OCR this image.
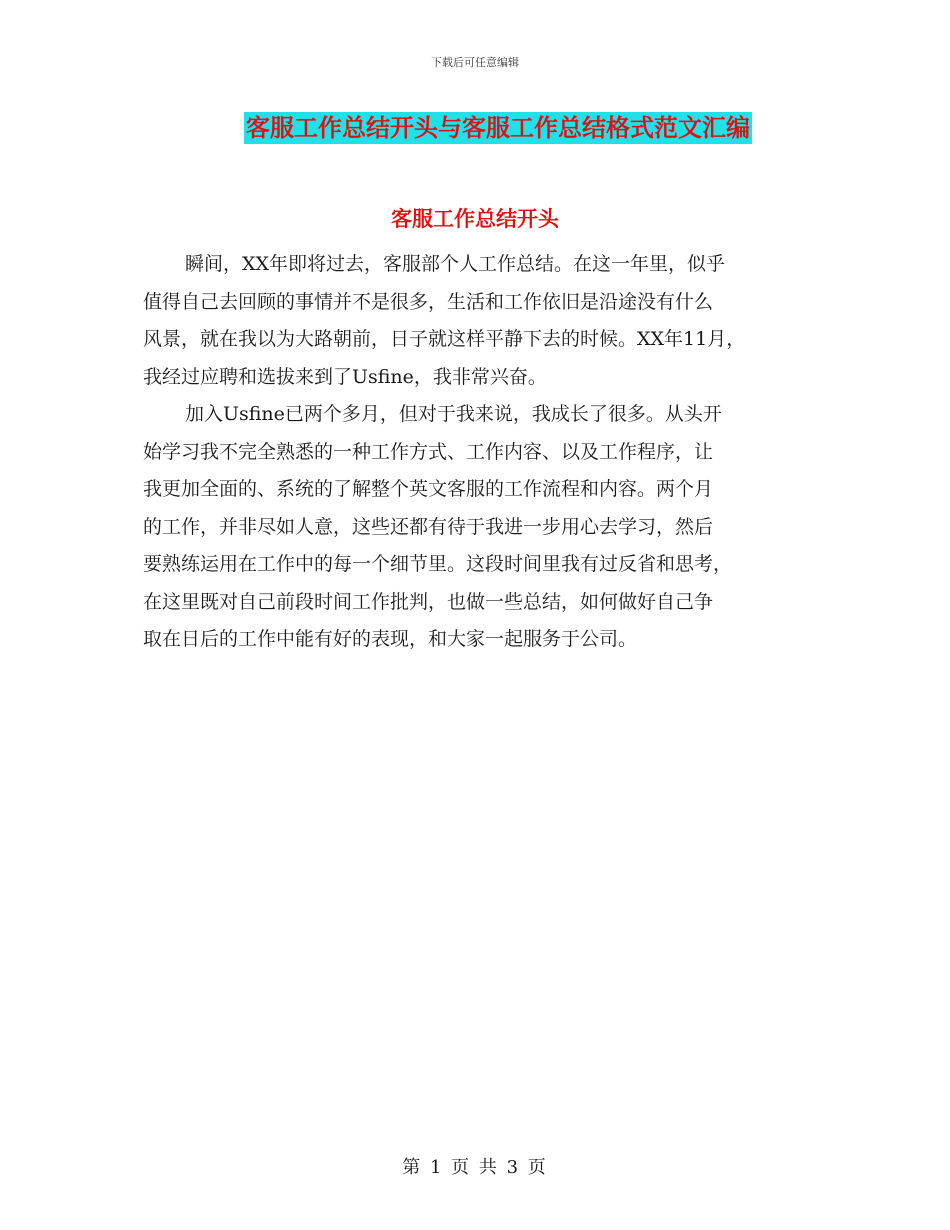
下载后可任意编辑
客服工作总结开头与客服工作总结格式范文汇编
客服工作总结开头
瞬间，XX年即将过去，客服部个人工作总结。在这一年里，似乎
值得自己去回顾的事情并不是很多，生活和工作依旧是沿途没有什么
风景，就在我以为大路朝前，日子就这样平静下去的时候。XX年11月，
我经过应聘和选拔来到了Usfine，我非常兴奋。
加入Usfine已两个多月，但对于我来说，我成长了很多。从头开
始学习我不完全熟悉的一种工作方式、工作内容、以及工作程序，让
我更加全面的、系统的了解整个英文客服的工作流程和内容。两个月
的工作，并非尽如人意，这些还都有待于我进一步用心去学习，然后
要熟练运用在工作中的每一个细节里。这段时间里我有过反省和思考，
在这里既对自己前段时间工作批判，也做一些总结，如何做好自己争
取在日后的工作中能有好的表现，和大家一起服务于公司。
第 1 页 共 3 页
